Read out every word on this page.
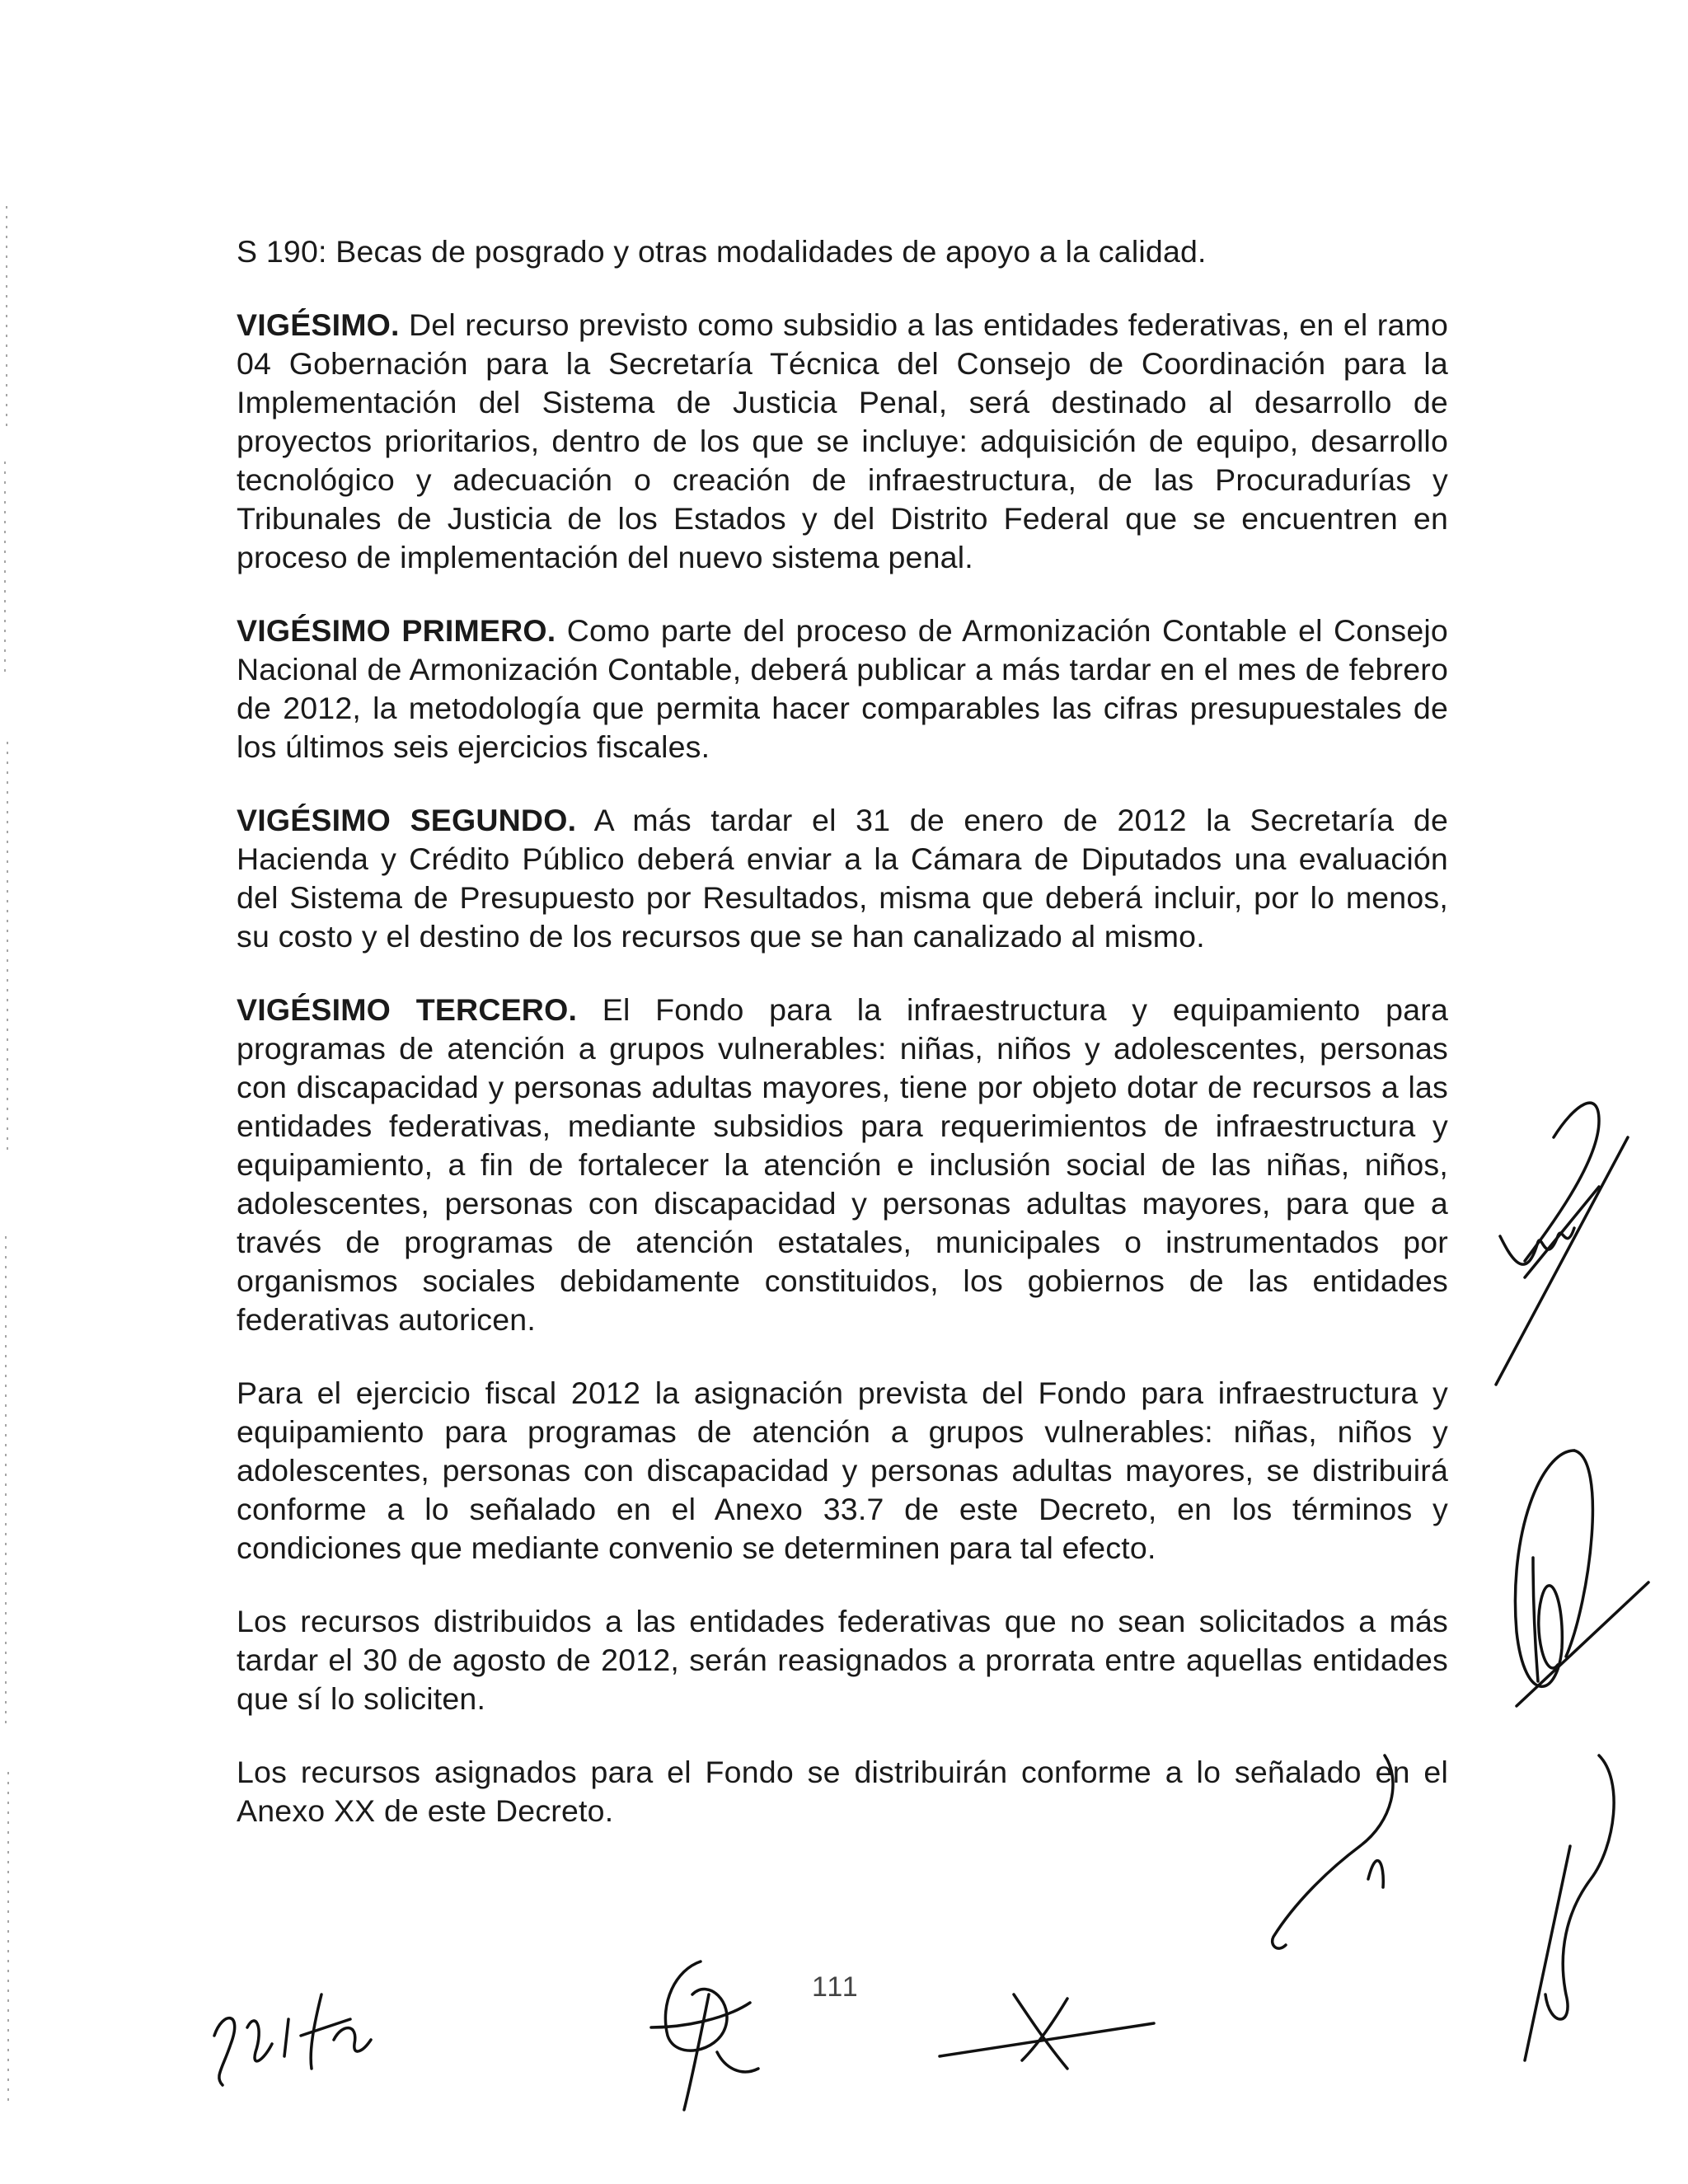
S 190: Becas de posgrado y otras modalidades de apoyo a la calidad.

VIGÉSIMO. Del recurso previsto como subsidio a las entidades federativas, en el ramo 04 Gobernación para la Secretaría Técnica del Consejo de Coordinación para la Implementación del Sistema de Justicia Penal, será destinado al desarrollo de proyectos prioritarios, dentro de los que se incluye: adquisición de equipo, desarrollo tecnológico y adecuación o creación de infraestructura, de las Procuradurías y Tribunales de Justicia de los Estados y del Distrito Federal que se encuentren en proceso de implementación del nuevo sistema penal.

VIGÉSIMO PRIMERO. Como parte del proceso de Armonización Contable el Consejo Nacional de Armonización Contable, deberá publicar a más tardar en el mes de febrero de 2012, la metodología que permita hacer comparables las cifras presupuestales de los últimos seis ejercicios fiscales.

VIGÉSIMO SEGUNDO. A más tardar el 31 de enero de 2012 la Secretaría de Hacienda y Crédito Público deberá enviar a la Cámara de Diputados una evaluación del Sistema de Presupuesto por Resultados, misma que deberá incluir, por lo menos, su costo y el destino de los recursos que se han canalizado al mismo.

VIGÉSIMO TERCERO. El Fondo para la infraestructura y equipamiento para programas de atención a grupos vulnerables: niñas, niños y adolescentes, personas con discapacidad y personas adultas mayores, tiene por objeto dotar de recursos a las entidades federativas, mediante subsidios para requerimientos de infraestructura y equipamiento, a fin de fortalecer la atención e inclusión social de las niñas, niños, adolescentes, personas con discapacidad y personas adultas mayores, para que a través de programas de atención estatales, municipales o instrumentados por organismos sociales debidamente constituidos, los gobiernos de las entidades federativas autoricen.

Para el ejercicio fiscal 2012 la asignación prevista del Fondo para infraestructura y equipamiento para programas de atención a grupos vulnerables: niñas, niños y adolescentes, personas con discapacidad y personas adultas mayores, se distribuirá conforme a lo señalado en el Anexo 33.7 de este Decreto, en los términos y condiciones que mediante convenio se determinen para tal efecto.

Los recursos distribuidos a las entidades federativas que no sean solicitados a más tardar el 30 de agosto de 2012, serán reasignados a prorrata entre aquellas entidades que sí lo soliciten.

Los recursos asignados para el Fondo se distribuirán conforme a lo señalado en el Anexo XX de este Decreto.

111
